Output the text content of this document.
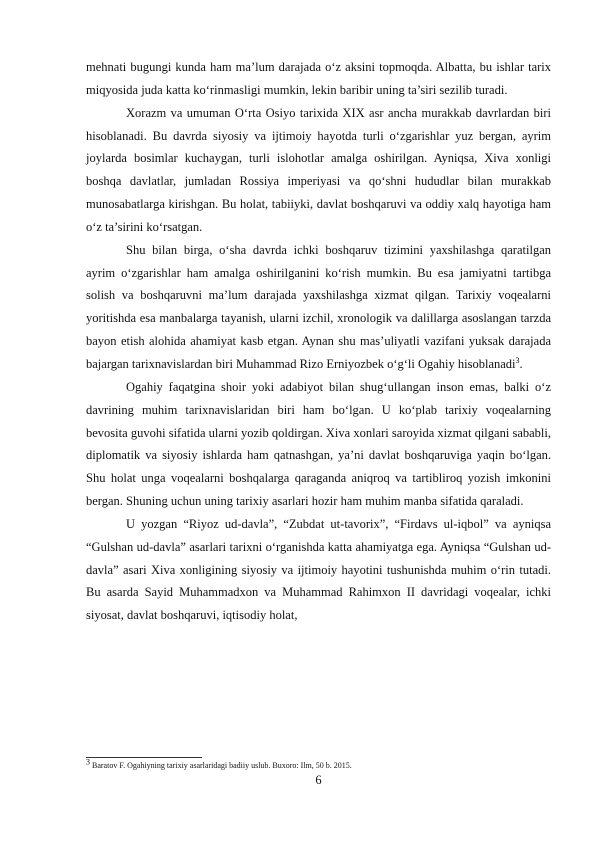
mehnati bugungi kunda ham ma’lum darajada o‘z aksini topmoqda. Albatta, bu ishlar tarix miqyosida juda katta ko‘rinmasligi mumkin, lekin baribir uning ta’siri sezilib turadi.

Xorazm va umuman O‘rta Osiyo tarixida XIX asr ancha murakkab davrlardan biri hisoblanadi. Bu davrda siyosiy va ijtimoiy hayotda turli o‘zgarishlar yuz bergan, ayrim joylarda bosimlar kuchaygan, turli islohotlar amalga oshirilgan. Ayniqsa, Xiva xonligi boshqa davlatlar, jumladan Rossiya imperiyasi va qo‘shni hududlar bilan murakkab munosabatlarga kirishgan. Bu holat, tabiiyki, davlat boshqaruvi va oddiy xalq hayotiga ham o‘z ta’sirini ko‘rsatgan.

Shu bilan birga, o‘sha davrda ichki boshqaruv tizimini yaxshilashga qaratilgan ayrim o‘zgarishlar ham amalga oshirilganini ko‘rish mumkin. Bu esa jamiyatni tartibga solish va boshqaruvni ma’lum darajada yaxshilashga xizmat qilgan. Tarixiy voqealarni yoritishda esa manbalarga tayanish, ularni izchil, xronologik va dalillarga asoslangan tarzda bayon etish alohida ahamiyat kasb etgan. Aynan shu mas’uliyatli vazifani yuksak darajada bajargan tarixnavislardan biri Muhammad Rizo Erniyozbek o‘g‘li Ogahiy hisoblanadi$^3$.

Ogahiy faqatgina shoir yoki adabiyot bilan shug‘ullangan inson emas, balki o‘z davrining muhim tarixnavislaridan biri ham bo‘lgan. U ko‘plab tarixiy voqealarning bevosita guvohi sifatida ularni yozib qoldirgan. Xiva xonlari saroyida xizmat qilgani sababli, diplomatik va siyosiy ishlarda ham qatnashgan, ya’ni davlat boshqaruviga yaqin bo‘lgan. Shu holat unga voqealarni boshqalarga qaraganda aniqroq va tartibliroq yozish imkonini bergan. Shuning uchun uning tarixiy asarlari hozir ham muhim manba sifatida qaraladi.

U yozgan “Riyoz ud-davla”, “Zubdat ut-tavorix”, “Firdavs ul-iqbol” va ayniqsa “Gulshan ud-davla” asarlari tarixni o‘rganishda katta ahamiyatga ega. Ayniqsa “Gulshan ud-davla” asari Xiva xonligining siyosiy va ijtimoiy hayotini tushunishda muhim o‘rin tutadi. Bu asarda Sayid Muhammadxon va Muhammad Rahimxon II davridagi voqealar, ichki siyosat, davlat boshqaruvi, iqtisodiy holat,

$^3$ Baratov F. Ogahiyning tarixiy asarlaridagi badiiy uslub. Buxoro: Ilm, 50 b. 2015.
6
